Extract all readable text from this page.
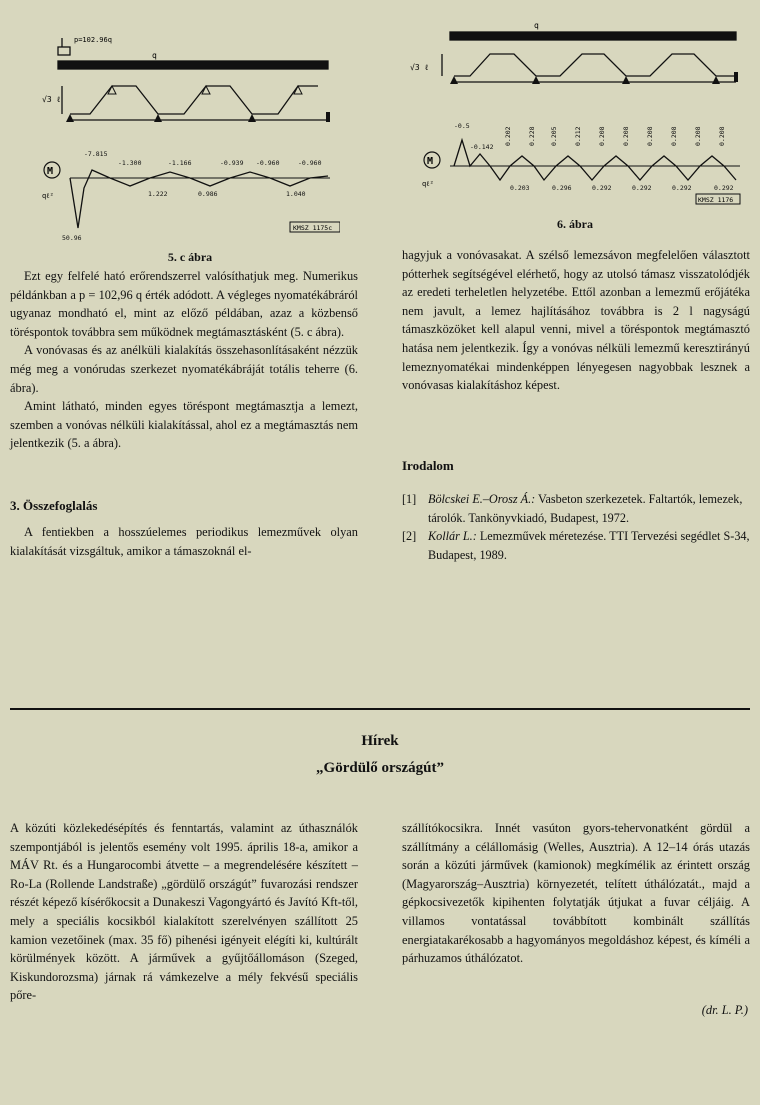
M
qℓ²
p=102.96q
q
√3 ℓ
-7.815
-1.300	-1.166	-0.939 -0.960	-0.960
1.222	0.986	1.040
50.96
KMSZ 1175c
5. c ábra
M
qℓ²
q
√3 ℓ
-0.5
-0.142
0.202 0.228 0.205 0.212 0.208 0.208 0.208 0.208 0.208 0.208
0.203	0.296	0.292	0.292	0.292	0.292
KMSZ 1176
6. ábra

Ezt egy felfelé ható erőrendszerrel valósíthatjuk meg. Numerikus példánkban a p = 102,96 q érték adódott. A végleges nyomatékábráról ugyanaz mondható el, mint az előző példában, azaz a közbenső töréspontok továbbra sem működnek megtámasztásként (5. c ábra).

A vonóvasas és az anélküli kialakítás összehasonlításaként nézzük még meg a vonórudas szerkezet nyomatékábráját totális teherre (6. ábra).

Amint látható, minden egyes töréspont megtámasztja a lemezt, szemben a vonóvas nélküli kialakítással, ahol ez a megtámasztás nem jelentkezik (5. a ábra).

3. Összefoglalás

A fentiekben a hosszúelemes periodikus lemezművek olyan kialakítását vizsgáltuk, amikor a támaszoknál el-

hagyjuk a vonóvasakat. A szélső lemezsávon megfelelően választott pótterhek segítségével elérhető, hogy az utolsó támasz visszatolódjék az eredeti terheletlen helyzetébe. Ettől azonban a lemezmű erőjátéka nem javult, a lemez hajlításához továbbra is 2 l nagyságú támaszközöket kell alapul venni, mivel a töréspontok megtámasztó hatása nem jelentkezik. Így a vonóvas nélküli lemezmű keresztirányú lemeznyomatékai mindenképpen lényegesen nagyobbak lesznek a vonóvasas kialakításhoz képest.

Irodalom
[1] Bölcskei E.–Orosz Á.: Vasbeton szerkezetek. Faltartók, lemezek, tárolók. Tankönyvkiadó, Budapest, 1972.
[2] Kollár L.: Lemezművek méretezése. TTI Tervezési segédlet S-34, Budapest, 1989.
Hírek
„Gördülő országút”

A közúti közlekedésépítés és fenntartás, valamint az úthasználók szempontjából is jelentős esemény volt 1995. április 18-a, amikor a MÁV Rt. és a Hungarocombi átvette – a megrendelésére készített – Ro-La (Rollende Landstraße) „gördülő országút” fuvarozási rendszer részét képező kísérőkocsit a Dunakeszi Vagongyártó és Javító Kft-től, mely a speciális kocsikból kialakított szerelvényen szállított 25 kamion vezetőinek (max. 35 fő) pihenési igényeit elégíti ki, kultúrált körülmények között. A járművek a gyűjtőállomáson (Szeged, Kiskundorozsma) járnak rá vámkezelve a mély fekvésű speciális pőre-

szállítókocsikra. Innét vasúton gyors-tehervonatként gördül a szállítmány a célállomásig (Welles, Ausztria). A 12–14 órás utazás során a közúti járművek (kamionok) megkímélik az érintett ország (Magyarország–Ausztria) környezetét, telített úthálózatát., majd a gépkocsivezetők kipihenten folytatják útjukat a fuvar céljáig. A villamos vontatással továbbított kombinált szállítás energiatakarékosabb a hagyományos megoldáshoz képest, és kíméli a párhuzamos úthálózatot.

(dr. L. P.)
